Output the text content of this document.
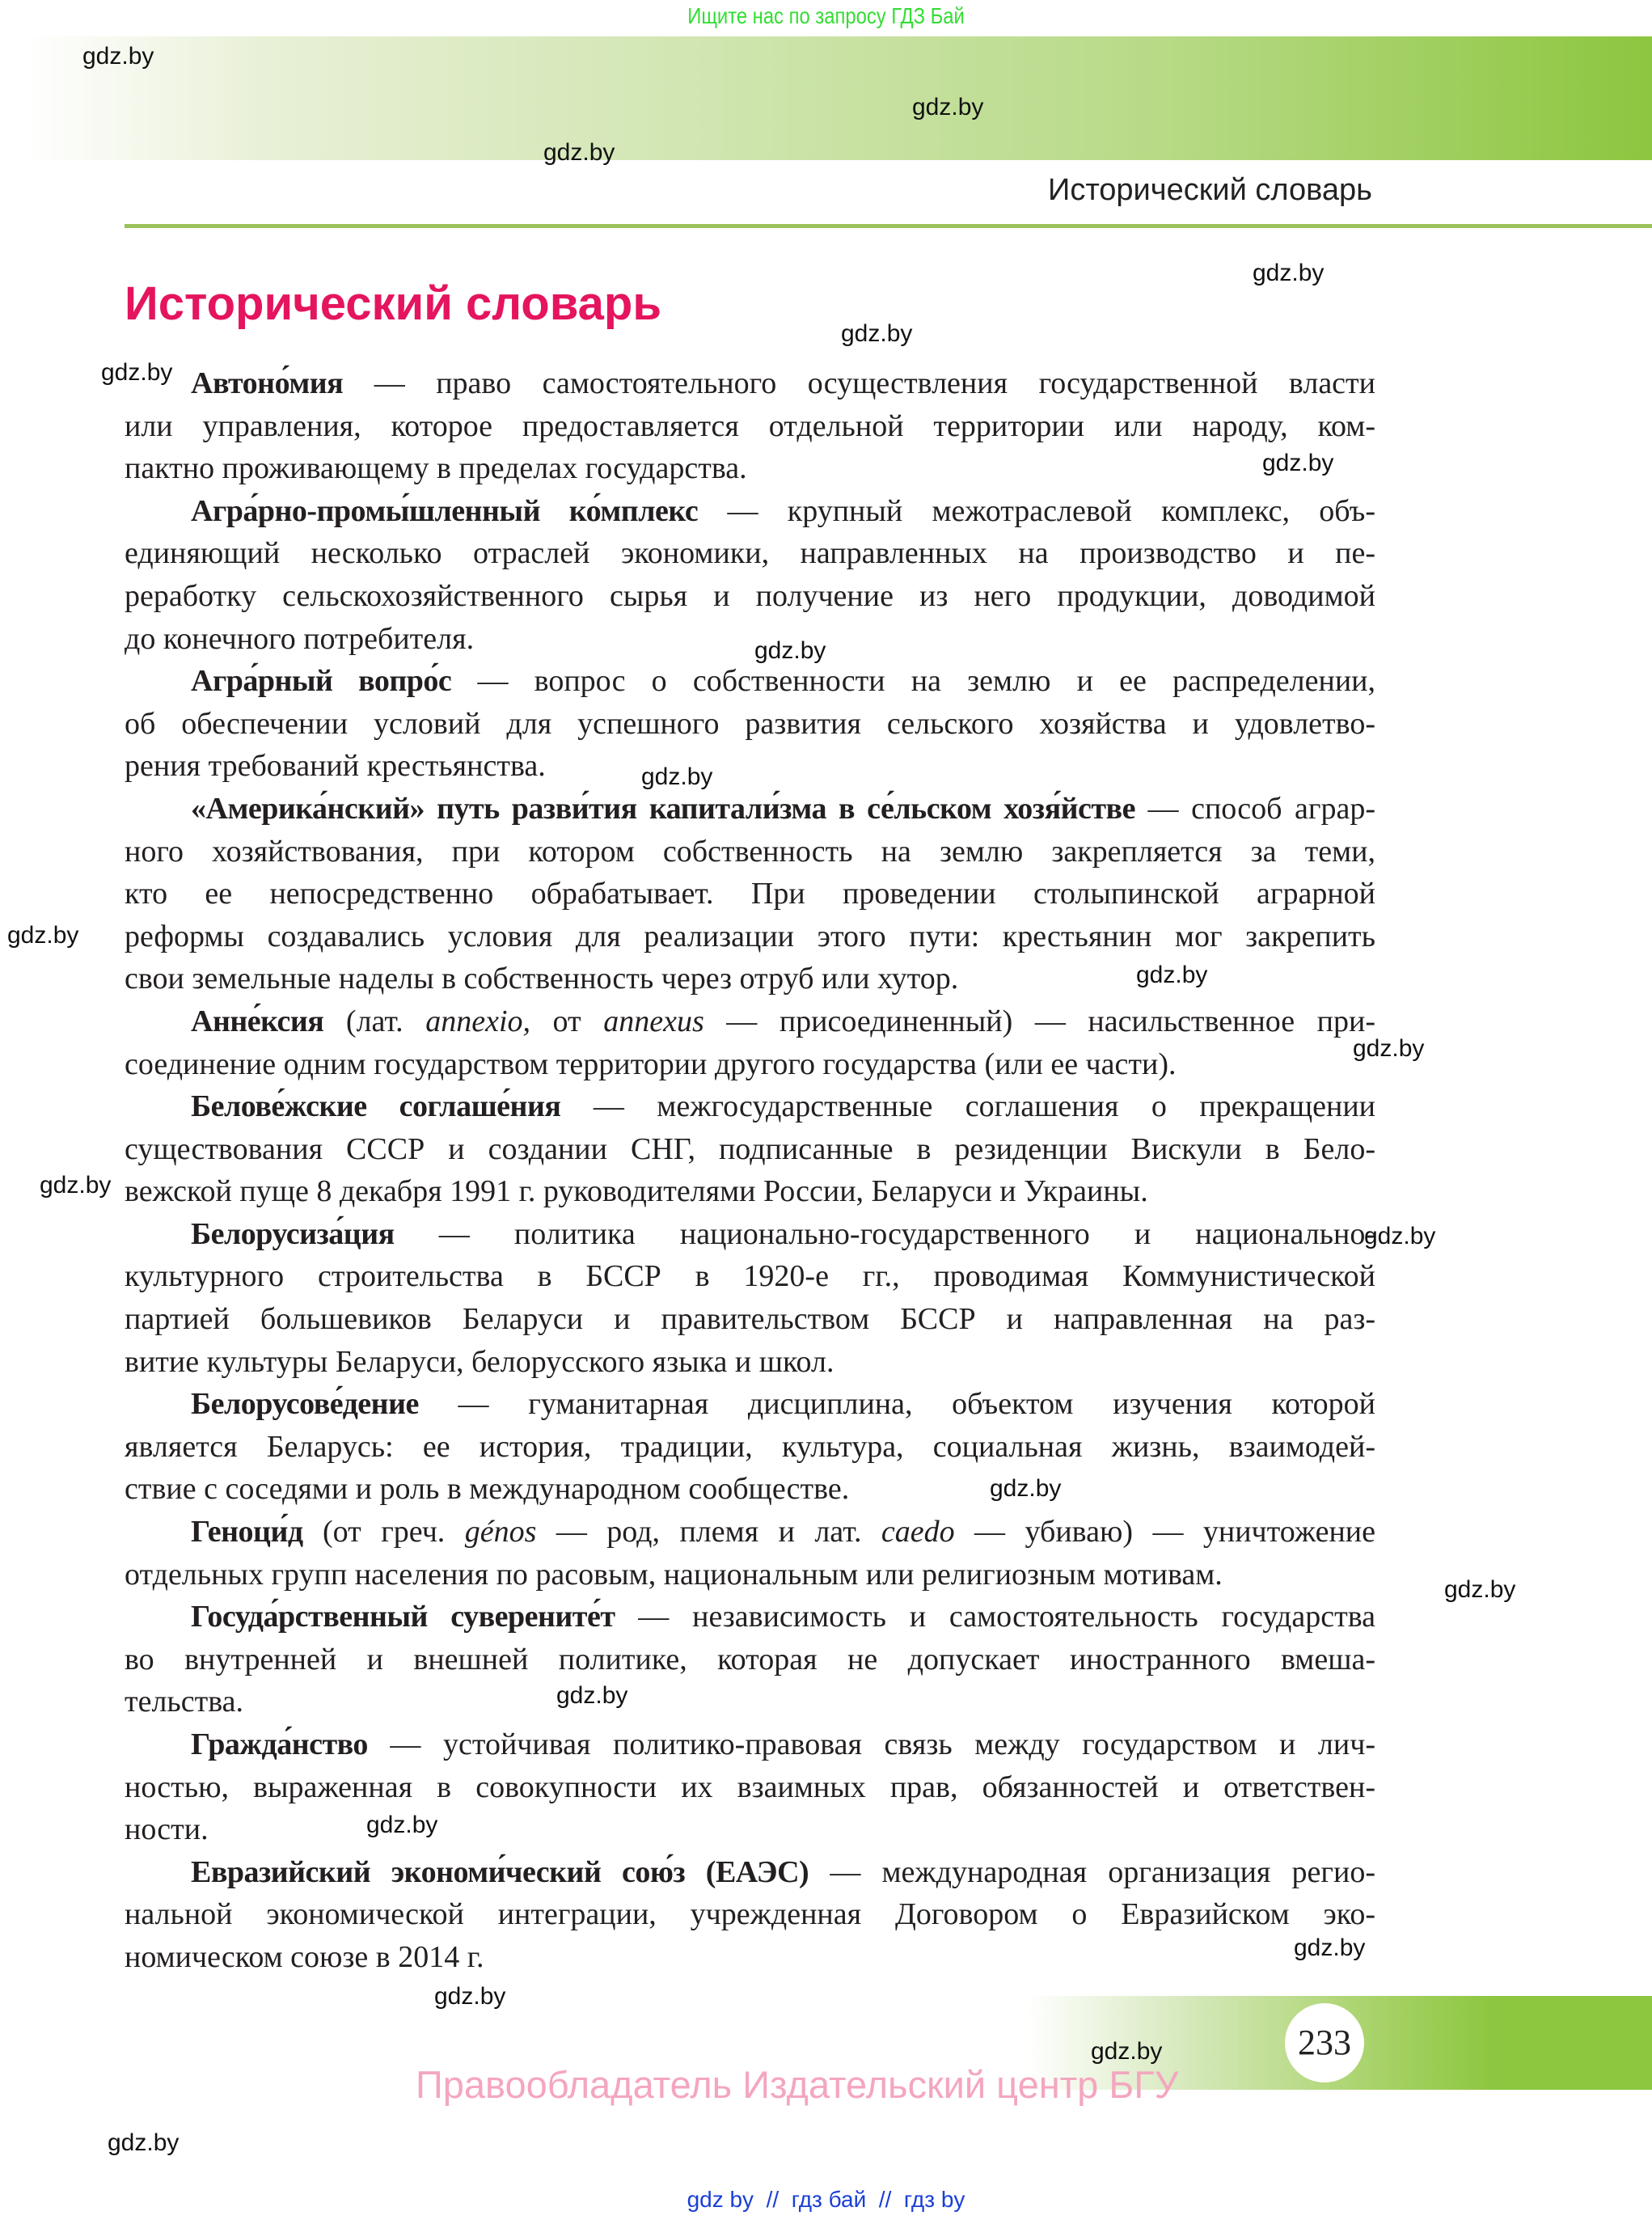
Ищите нас по запросу ГДЗ Бай
Исторический словарь
Исторический словарь
Автоно́мия — право самостоятельного осуществления государственной власти
или управления, которое предоставляется отдельной территории или народу, ком-
пактно проживающему в пределах государства.
Агра́рно-промы́шленный ко́мплекс — крупный межотраслевой комплекс, объ-
единяющий несколько отраслей экономики, направленных на производство и пе-
реработку сельскохозяйственного сырья и получение из него продукции, доводимой
до конечного потребителя.
Агра́рный вопро́с — вопрос о собственности на землю и ее распределении,
об обеспечении условий для успешного развития сельского хозяйства и удовлетво-
рения требований крестьянства.
«Америка́нский» путь разви́тия капитали́зма в се́льском хозя́йстве — способ аграр-
ного хозяйствования, при котором собственность на землю закрепляется за теми,
кто ее непосредственно обрабатывает. При проведении столыпинской аграрной
реформы создавались условия для реализации этого пути: крестьянин мог закрепить
свои земельные наделы в собственность через отруб или хутор.
Анне́ксия (лат. annexio, от annexus — присоединенный) — насильственное при-
соединение одним государством территории другого государства (или ее части).
Белове́жские соглаше́ния — межгосударственные соглашения о прекращении
существования СССР и создании СНГ, подписанные в резиденции Вискули в Бело-
вежской пуще 8 декабря 1991 г. руководителями России, Беларуси и Украины.
Белорусиза́ция — политика национально-государственного и национально-
культурного строительства в БССР в 1920-е гг., проводимая Коммунистической
партией большевиков Беларуси и правительством БССР и направленная на раз-
витие культуры Беларуси, белорусского языка и школ.
Белорусове́дение — гуманитарная дисциплина, объектом изучения которой
является Беларусь: ее история, традиции, культура, социальная жизнь, взаимодей-
ствие с соседями и роль в международном сообществе.
Геноци́д (от греч. génos — род, племя и лат. caedo — убиваю) — уничтожение
отдельных групп населения по расовым, национальным или религиозным мотивам.
Госуда́рственный суверените́т — независимость и самостоятельность государства
во внутренней и внешней политике, которая не допускает иностранного вмеша-
тельства.
Гражда́нство — устойчивая политико-правовая связь между государством и лич-
ностью, выраженная в совокупности их взаимных прав, обязанностей и ответствен-
ности.
Евразийский экономи́ческий сою́з (ЕАЭС) — международная организация регио-
нальной экономической интеграции, учрежденная Договором о Евразийском эко-
номическом союзе в 2014 г.
233
Правообладатель Издательский центр БГУ
gdz by  //  гдз бай  //  гдз by
gdz.by
gdz.by
gdz.by
gdz.by
gdz.by
gdz.by
gdz.by
gdz.by
gdz.by
gdz.by
gdz.by
gdz.by
gdz.by
gdz.by
gdz.by
gdz.by
gdz.by
gdz.by
gdz.by
gdz.by
gdz.by
gdz.by
